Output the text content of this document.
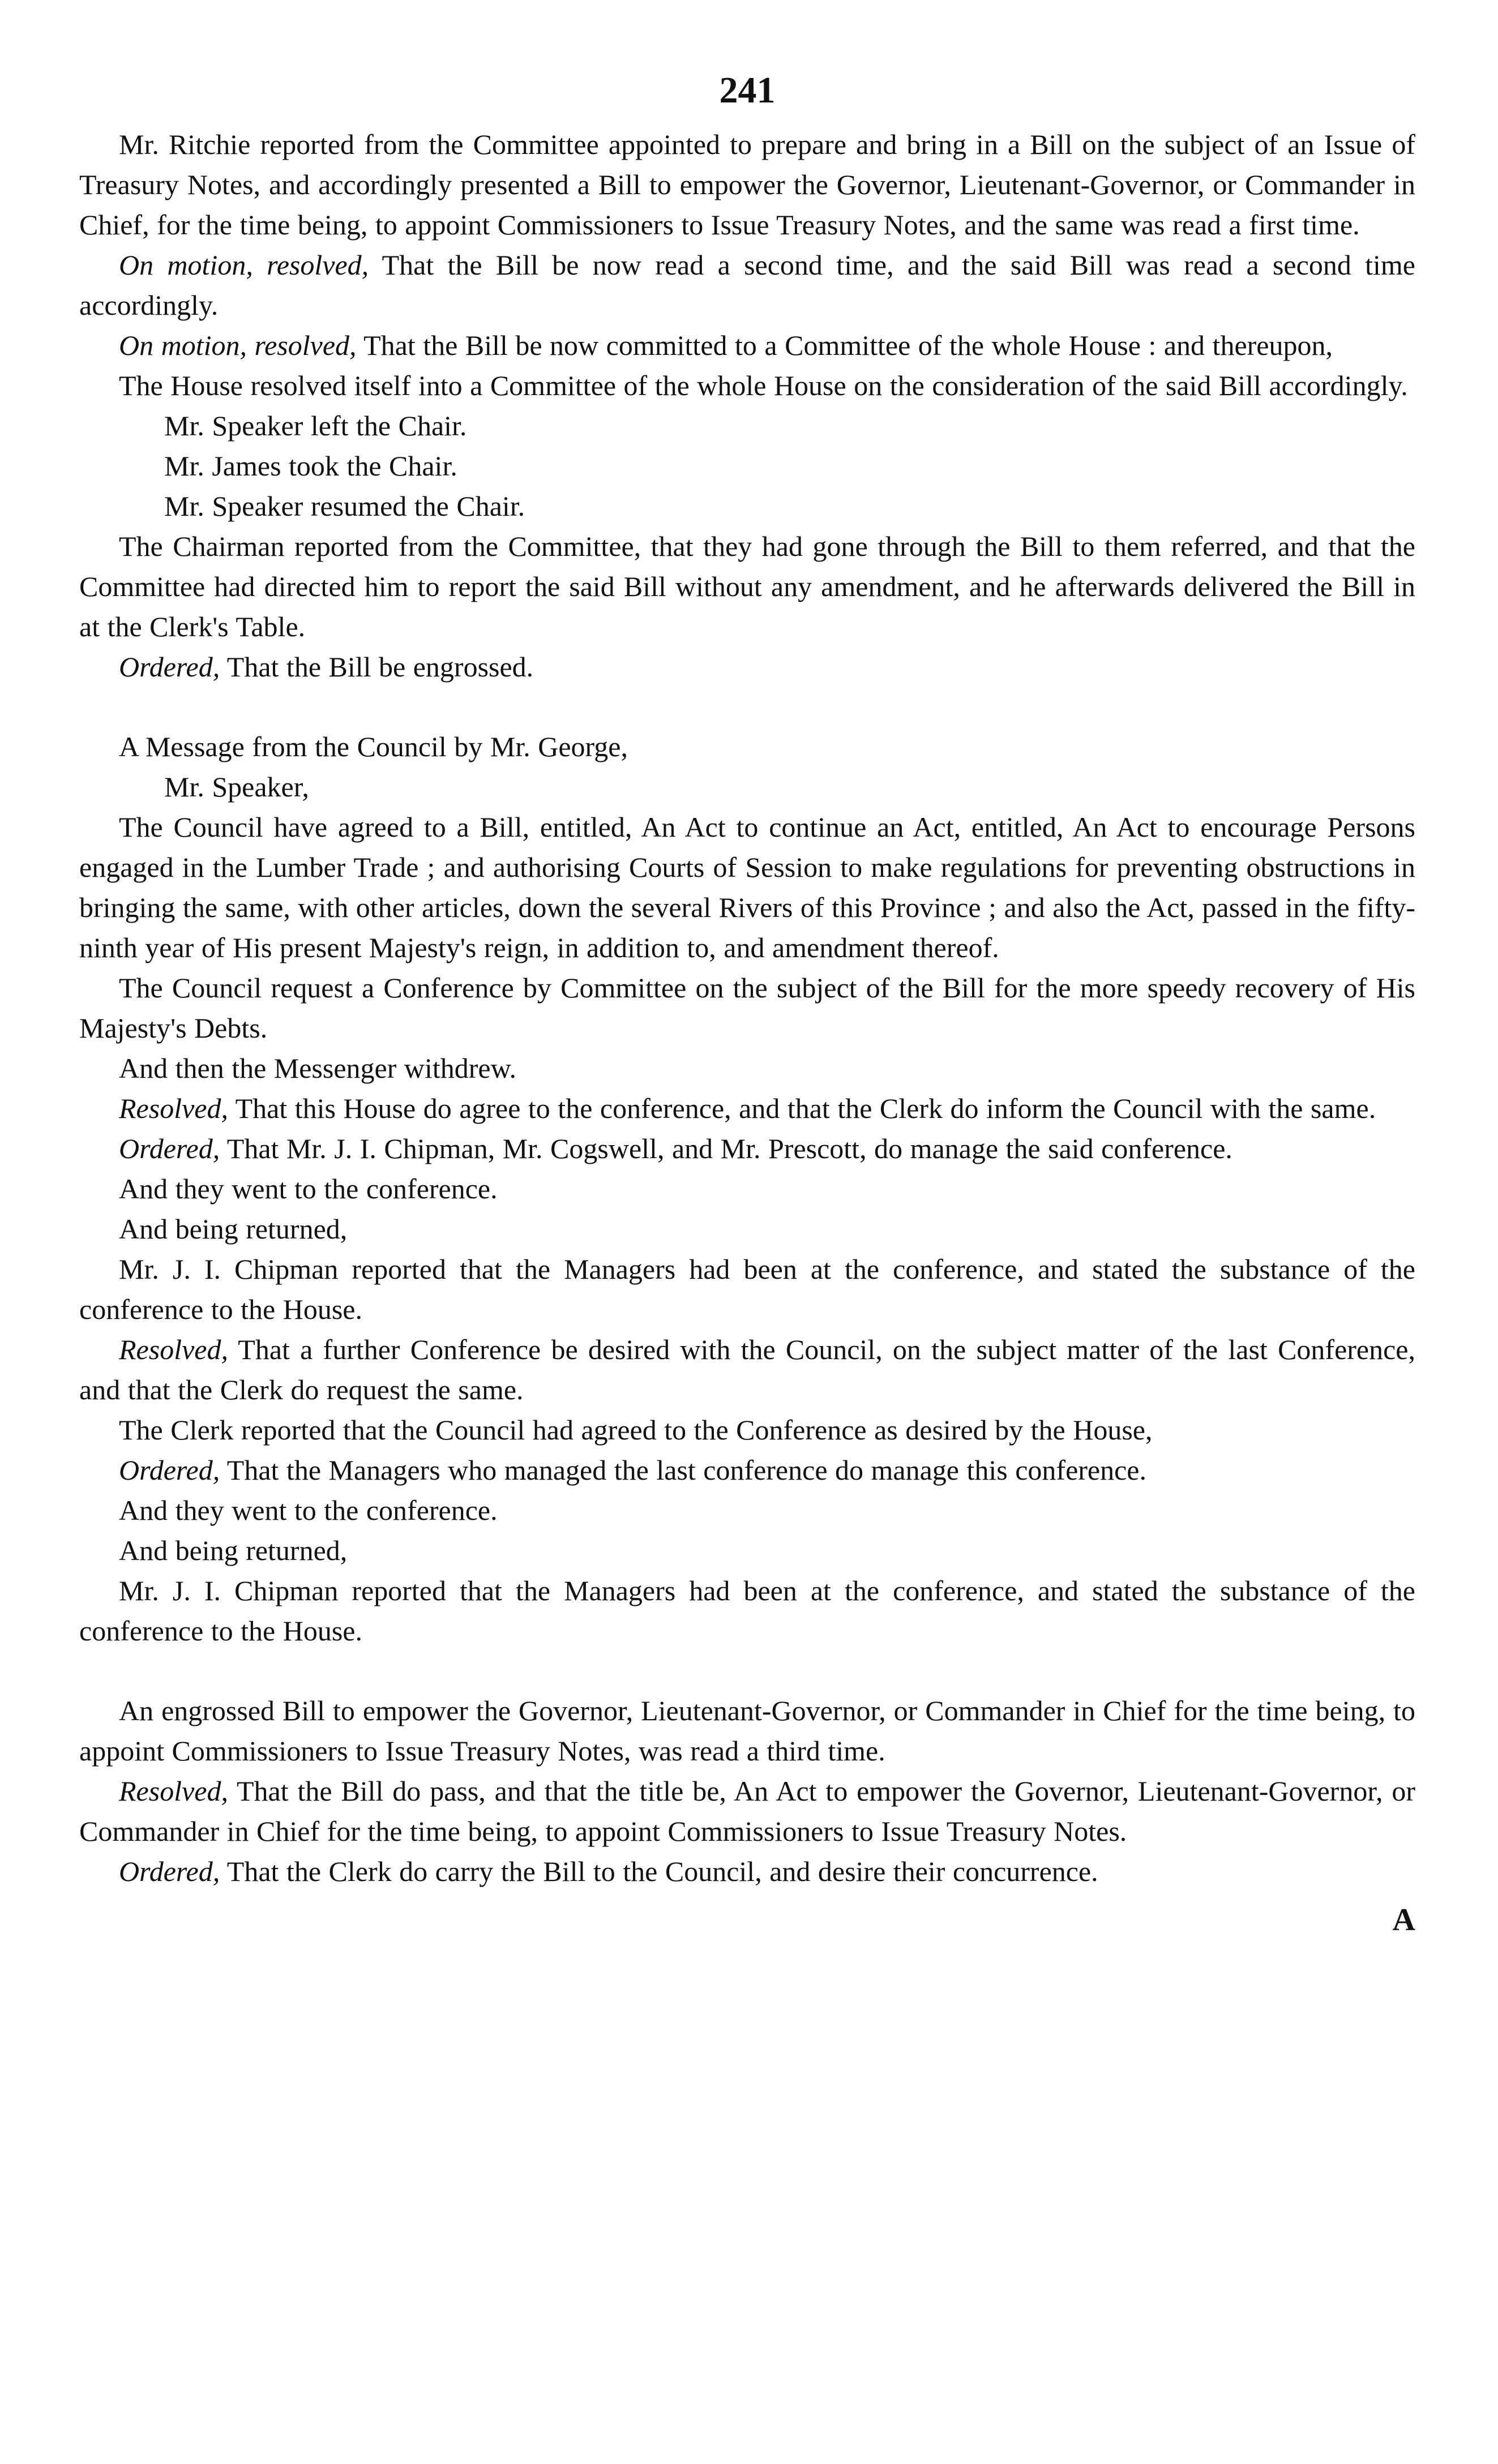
241

Mr. Ritchie reported from the Committee appointed to prepare and bring in a Bill on the subject of an Issue of Treasury Notes, and accordingly presented a Bill to empower the Governor, Lieutenant-Governor, or Commander in Chief, for the time being, to appoint Commissioners to Issue Treasury Notes, and the same was read a first time.

On motion, resolved, That the Bill be now read a second time, and the said Bill was read a second time accordingly.

On motion, resolved, That the Bill be now committed to a Committee of the whole House : and thereupon,

The House resolved itself into a Committee of the whole House on the consideration of the said Bill accordingly.

Mr. Speaker left the Chair.

Mr. James took the Chair.

Mr. Speaker resumed the Chair.

The Chairman reported from the Committee, that they had gone through the Bill to them referred, and that the Committee had directed him to report the said Bill without any amendment, and he afterwards delivered the Bill in at the Clerk's Table.

Ordered, That the Bill be engrossed.

A Message from the Council by Mr. George,

Mr. Speaker,

The Council have agreed to a Bill, entitled, An Act to continue an Act, entitled, An Act to encourage Persons engaged in the Lumber Trade ; and authorising Courts of Session to make regulations for preventing obstructions in bringing the same, with other articles, down the several Rivers of this Province ; and also the Act, passed in the fifty-ninth year of His present Majesty's reign, in addition to, and amendment thereof.

The Council request a Conference by Committee on the subject of the Bill for the more speedy recovery of His Majesty's Debts.

And then the Messenger withdrew.

Resolved, That this House do agree to the conference, and that the Clerk do inform the Council with the same.

Ordered, That Mr. J. I. Chipman, Mr. Cogswell, and Mr. Prescott, do manage the said conference.

And they went to the conference.

And being returned,

Mr. J. I. Chipman reported that the Managers had been at the conference, and stated the substance of the conference to the House.

Resolved, That a further Conference be desired with the Council, on the subject matter of the last Conference, and that the Clerk do request the same.

The Clerk reported that the Council had agreed to the Conference as desired by the House,

Ordered, That the Managers who managed the last conference do manage this conference.

And they went to the conference.

And being returned,

Mr. J. I. Chipman reported that the Managers had been at the conference, and stated the substance of the conference to the House.

An engrossed Bill to empower the Governor, Lieutenant-Governor, or Commander in Chief for the time being, to appoint Commissioners to Issue Treasury Notes, was read a third time.

Resolved, That the Bill do pass, and that the title be, An Act to empower the Governor, Lieutenant-Governor, or Commander in Chief for the time being, to appoint Commissioners to Issue Treasury Notes.

Ordered, That the Clerk do carry the Bill to the Council, and desire their concurrence.

A
